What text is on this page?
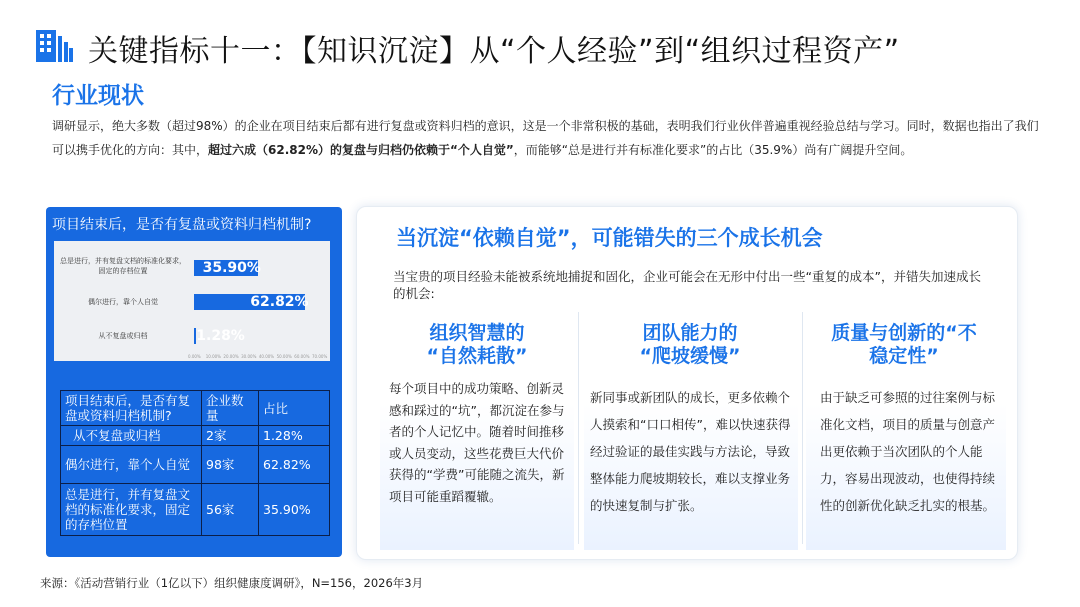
关键指标十一：【知识沉淀】从“个人经验”到“组织过程资产”
行业现状
调研显示，绝大多数（超过98%）的企业在项目结束后都有进行复盘或资料归档的意识，这是一个非常积极的基础，表明我们行业伙伴普遍重视经验总结与学习。同时，数据也指出了我们可以携手优化的方向：其中，超过六成（62.82%）的复盘与归档仍依赖于“个人自觉”，而能够“总是进行并有标准化要求”的占比（35.9%）尚有广阔提升空间。
项目结束后，是否有复盘或资料归档机制?
总是进行，并有复盘文档的标准化要求，固定的存档位置
偶尔进行，靠个人自觉
从不复盘或归档
35.90%
62.82%
1.28%
0.00% 10.00% 20.00% 30.00% 40.00% 50.00% 60.00% 70.00%
项目结束后，是否有复盘或资料归档机制?	企业数量	占比
从不复盘或归档	2家	1.28%
偶尔进行，靠个人自觉	98家	62.82%
总是进行，并有复盘文档的标准化要求，固定的存档位置	56家	35.90%
当沉淀“依赖自觉”，可能错失的三个成长机会
当宝贵的项目经验未能被系统地捕捉和固化，企业可能会在无形中付出一些“重复的成本”，并错失加速成长的机会:
组织智慧的
“自然耗散”
每个项目中的成功策略、创新灵感和踩过的“坑”，都沉淀在参与者的个人记忆中。随着时间推移或人员变动，这些花费巨大代价获得的“学费”可能随之流失，新项目可能重蹈覆辙。
团队能力的
“爬坡缓慢”
新同事或新团队的成长，更多依赖个人摸索和“口口相传”，难以快速获得经过验证的最佳实践与方法论，导致整体能力爬坡期较长，难以支撑业务的快速复制与扩张。
质量与创新的“不
稳定性”
由于缺乏可参照的过往案例与标准化文档，项目的质量与创意产出更依赖于当次团队的个人能力，容易出现波动，也使得持续性的创新优化缺乏扎实的根基。
来源：《活动营销行业（1亿以下）组织健康度调研》，N=156，2026年3月
